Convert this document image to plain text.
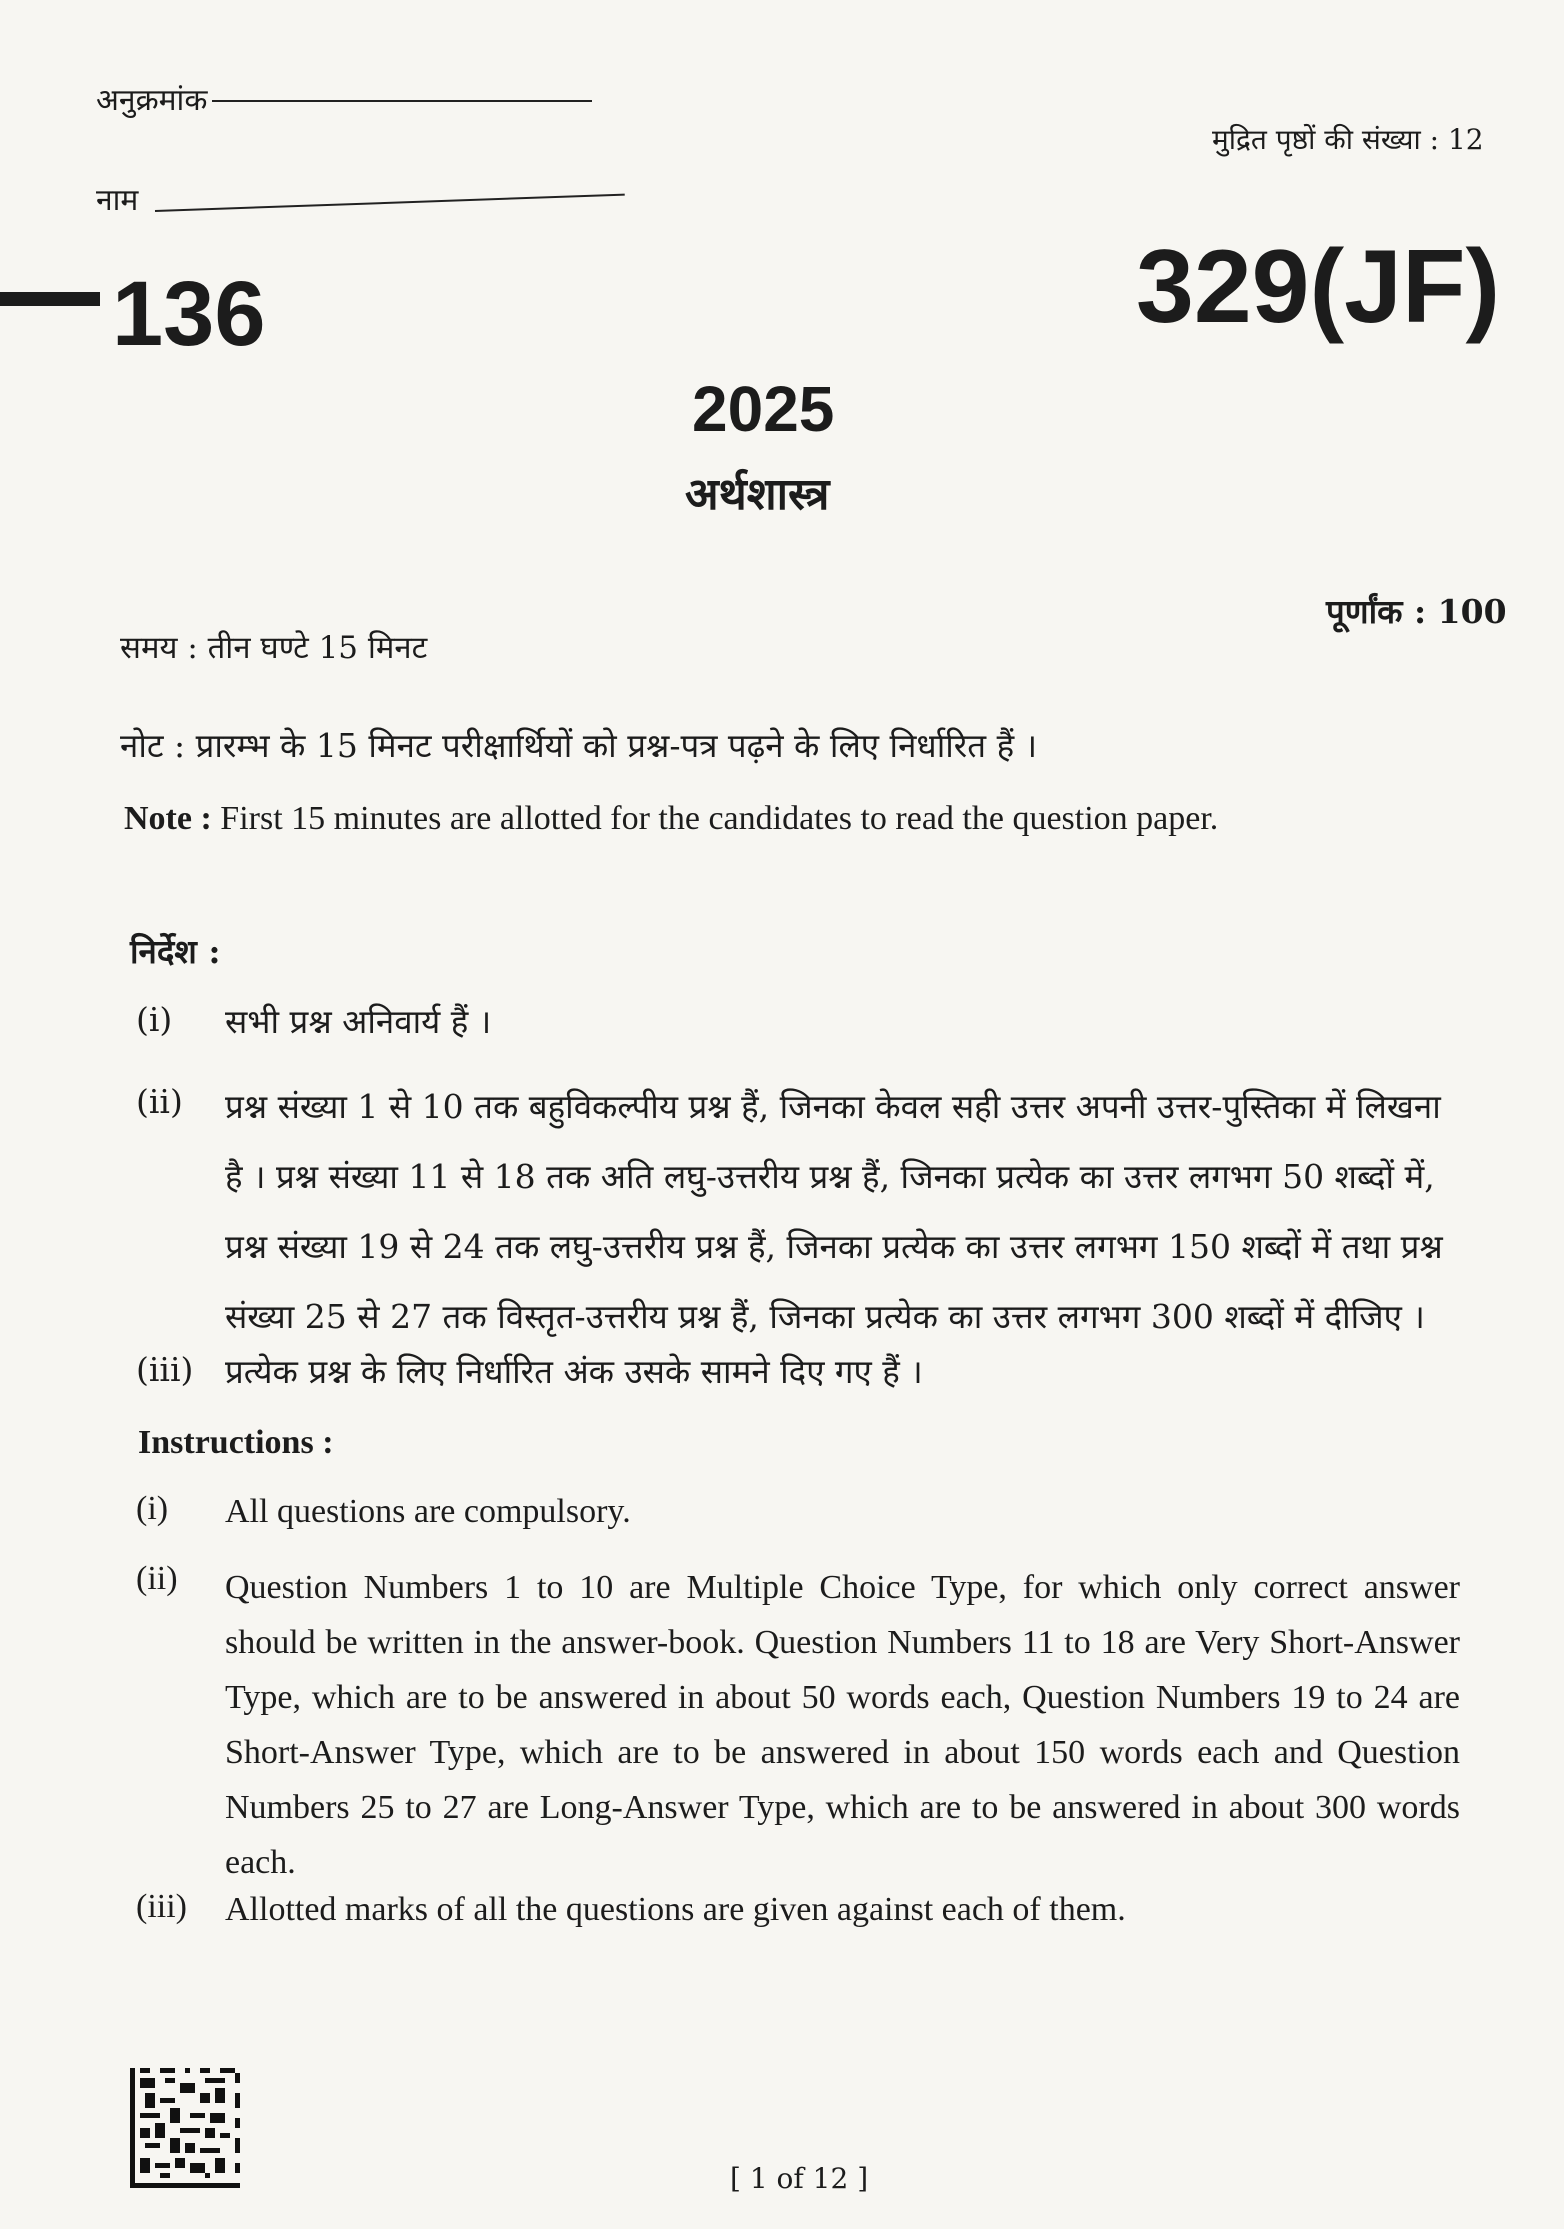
अनुक्रमांक
नाम
मुद्रित पृष्ठों की संख्या : 12
136	329(JF)
2025
अर्थशास्त्र
पूर्णांक : 100
समय : तीन घण्टे 15 मिनट
नोट : प्रारम्भ के 15 मिनट परीक्षार्थियों को प्रश्न-पत्र पढ़ने के लिए निर्धारित हैं ।
Note : First 15 minutes are allotted for the candidates to read the question paper.
निर्देश :
(i) सभी प्रश्न अनिवार्य हैं ।
(ii) प्रश्न संख्या 1 से 10 तक बहुविकल्पीय प्रश्न हैं, जिनका केवल सही उत्तर अपनी उत्तर-पुस्तिका में लिखना है । प्रश्न संख्या 11 से 18 तक अति लघु-उत्तरीय प्रश्न हैं, जिनका प्रत्येक का उत्तर लगभग 50 शब्दों में, प्रश्न संख्या 19 से 24 तक लघु-उत्तरीय प्रश्न हैं, जिनका प्रत्येक का उत्तर लगभग 150 शब्दों में तथा प्रश्न संख्या 25 से 27 तक विस्तृत-उत्तरीय प्रश्न हैं, जिनका प्रत्येक का उत्तर लगभग 300 शब्दों में दीजिए ।
(iii) प्रत्येक प्रश्न के लिए निर्धारित अंक उसके सामने दिए गए हैं ।
Instructions :
(i) All questions are compulsory.
(ii) Question Numbers 1 to 10 are Multiple Choice Type, for which only correct answer should be written in the answer-book. Question Numbers 11 to 18 are Very Short-Answer Type, which are to be answered in about 50 words each, Question Numbers 19 to 24 are Short-Answer Type, which are to be answered in about 150 words each and Question Numbers 25 to 27 are Long-Answer Type, which are to be answered in about 300 words each.
(iii) Allotted marks of all the questions are given against each of them.
[ 1 of 12 ]
